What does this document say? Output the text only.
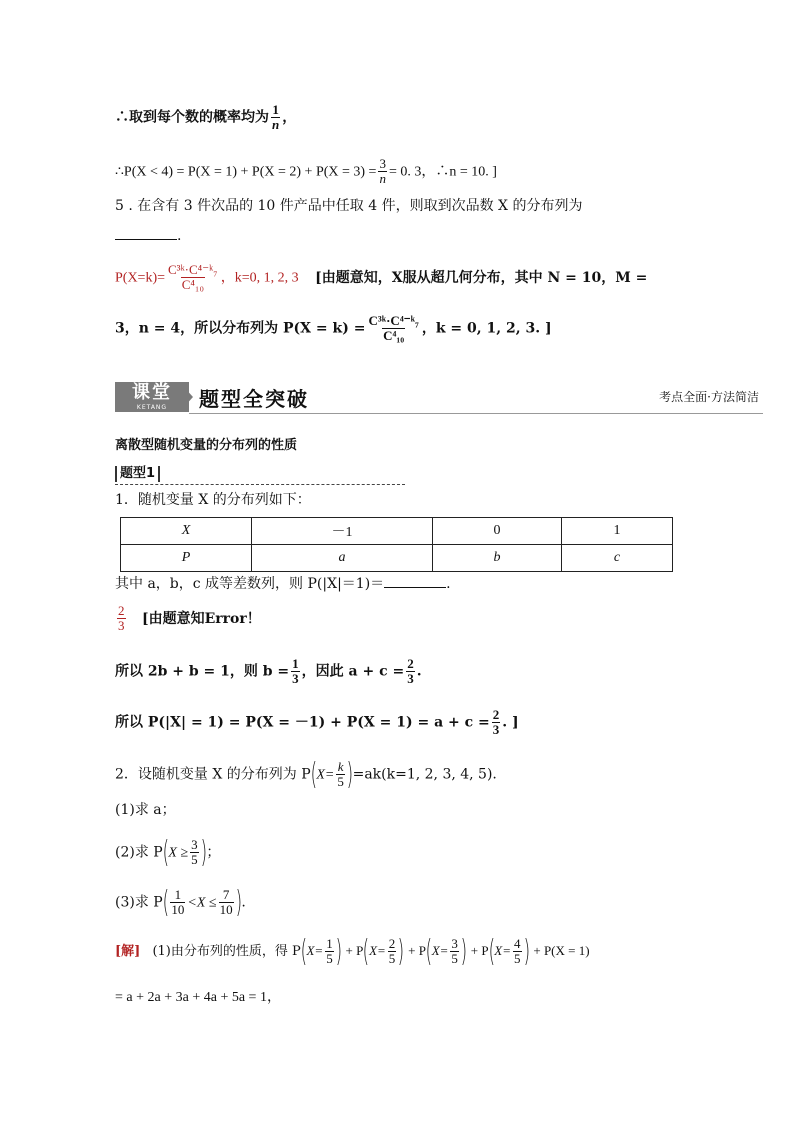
∴取到每个数的概率均为 $\frac{1}{n}$ ，
∴P(X < $4) = P(X = 1) + P(X = 2) + P(X = 3) = \frac{3}{n} = 0$. 3，∴n = 10. ]
5 . 在含有 3 件次品的 10 件产品中任取 4 件，则取到次品数 X 的分布列为
.
$P(X=k)= \frac{\text{C³ᵏ·C⁴⁻ᵏ₇}}{\text{C⁴₁₀}}$ ，k=0, 1, 2, 3 [由题意知，X服从超几何分布，其中 N = 10，M =
3，n = 4，所以分布列为 $P(X = k) = \frac{\text{C³ᵏ·C⁴⁻ᵏ₇}}{\text{C⁴₁₀}}$ ，k = 0, 1, 2, 3. ]
课堂
KETANG	题型全突破	考点全面·方法简洁
离散型随机变量的分布列的性质
题型1
1．随机变量 X 的分布列如下：
X	－1	0	1
P	a	b	c
其中 a，b，c 成等差数列，则 P(|X|＝1)＝	.
$\frac{2}{3}$ [由题意知Error！
所以 2b + b = 1，则 $b = \frac{1}{3}$ ，因此 $a + c = \frac{2}{3}$ .
所以 $P(|X| = 1) = P(X = -1) + P(X = 1) = a + c = \frac{2}{3}$ . ]
2．设随机变量 X 的分布列为 $P(X= \frac{k}{5} )=ak(k=1$, 2, 3, 4, 5).
(1)求 a；
(2)求 $P(X \ge \frac{3}{5}$ )；
(3)求 $P( \frac{1}{10} <X \le \frac{7}{10}$ ).
[解] (1)由分布列的性质，得 $P(X= \frac{1}{5}$ ) + $P(X= \frac{2}{5}$ ) + $P(X= \frac{3}{5}$ ) + $P(X= \frac{4}{5}$ ) + P(X = 1)
= a + 2a + 3a + 4a + 5a = 1，
